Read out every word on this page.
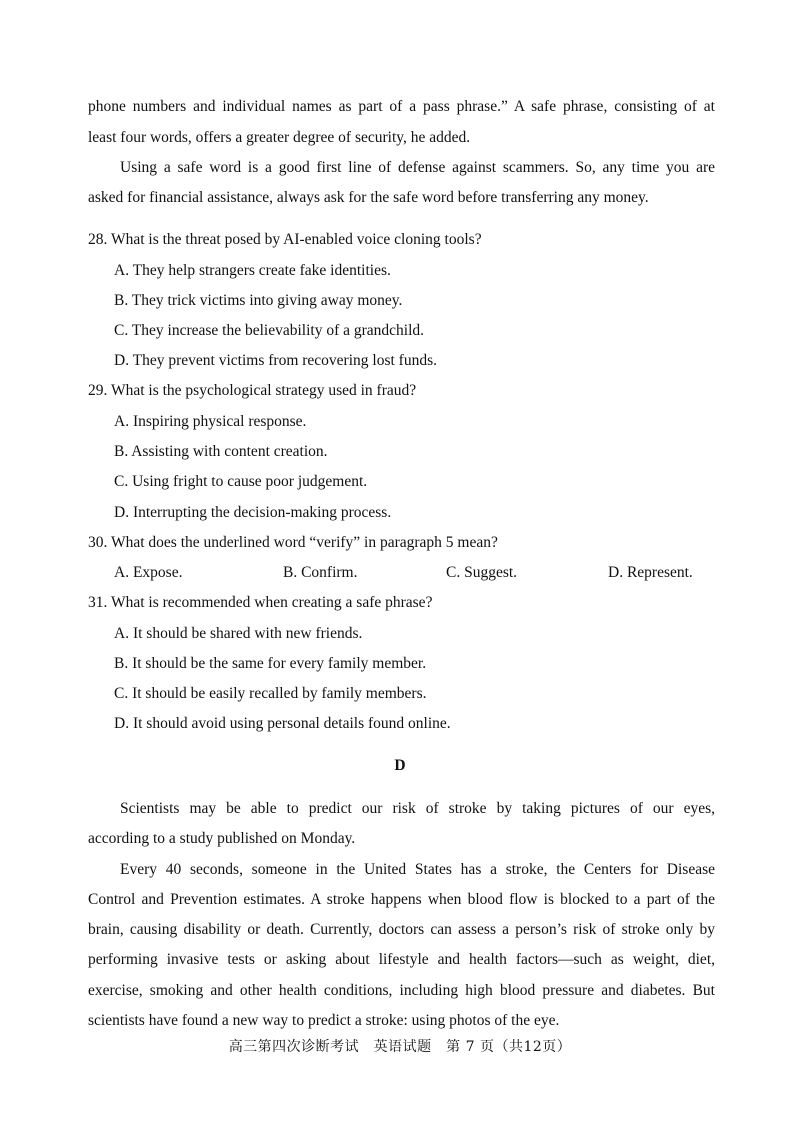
phone numbers and individual names as part of a pass phrase.” A safe phrase, consisting of at
least four words, offers a greater degree of security, he added.
Using a safe word is a good first line of defense against scammers. So, any time you are
asked for financial assistance, always ask for the safe word before transferring any money.
28. What is the threat posed by AI-enabled voice cloning tools?
A. They help strangers create fake identities.
B. They trick victims into giving away money.
C. They increase the believability of a grandchild.
D. They prevent victims from recovering lost funds.
29. What is the psychological strategy used in fraud?
A. Inspiring physical response.
B. Assisting with content creation.
C. Using fright to cause poor judgement.
D. Interrupting the decision-making process.
30. What does the underlined word “verify” in paragraph 5 mean?
A. Expose.	B. Confirm.	C. Suggest.	D. Represent.
31. What is recommended when creating a safe phrase?
A. It should be shared with new friends.
B. It should be the same for every family member.
C. It should be easily recalled by family members.
D. It should avoid using personal details found online.
D
Scientists may be able to predict our risk of stroke by taking pictures of our eyes,
according to a study published on Monday.
Every 40 seconds, someone in the United States has a stroke, the Centers for Disease
Control and Prevention estimates. A stroke happens when blood flow is blocked to a part of the
brain, causing disability or death. Currently, doctors can assess a person’s risk of stroke only by
performing invasive tests or asking about lifestyle and health factors—such as weight, diet,
exercise, smoking and other health conditions, including high blood pressure and diabetes. But
scientists have found a new way to predict a stroke: using photos of the eye.
高三第四次诊断考试　英语试题　第 7 页（共12页）
